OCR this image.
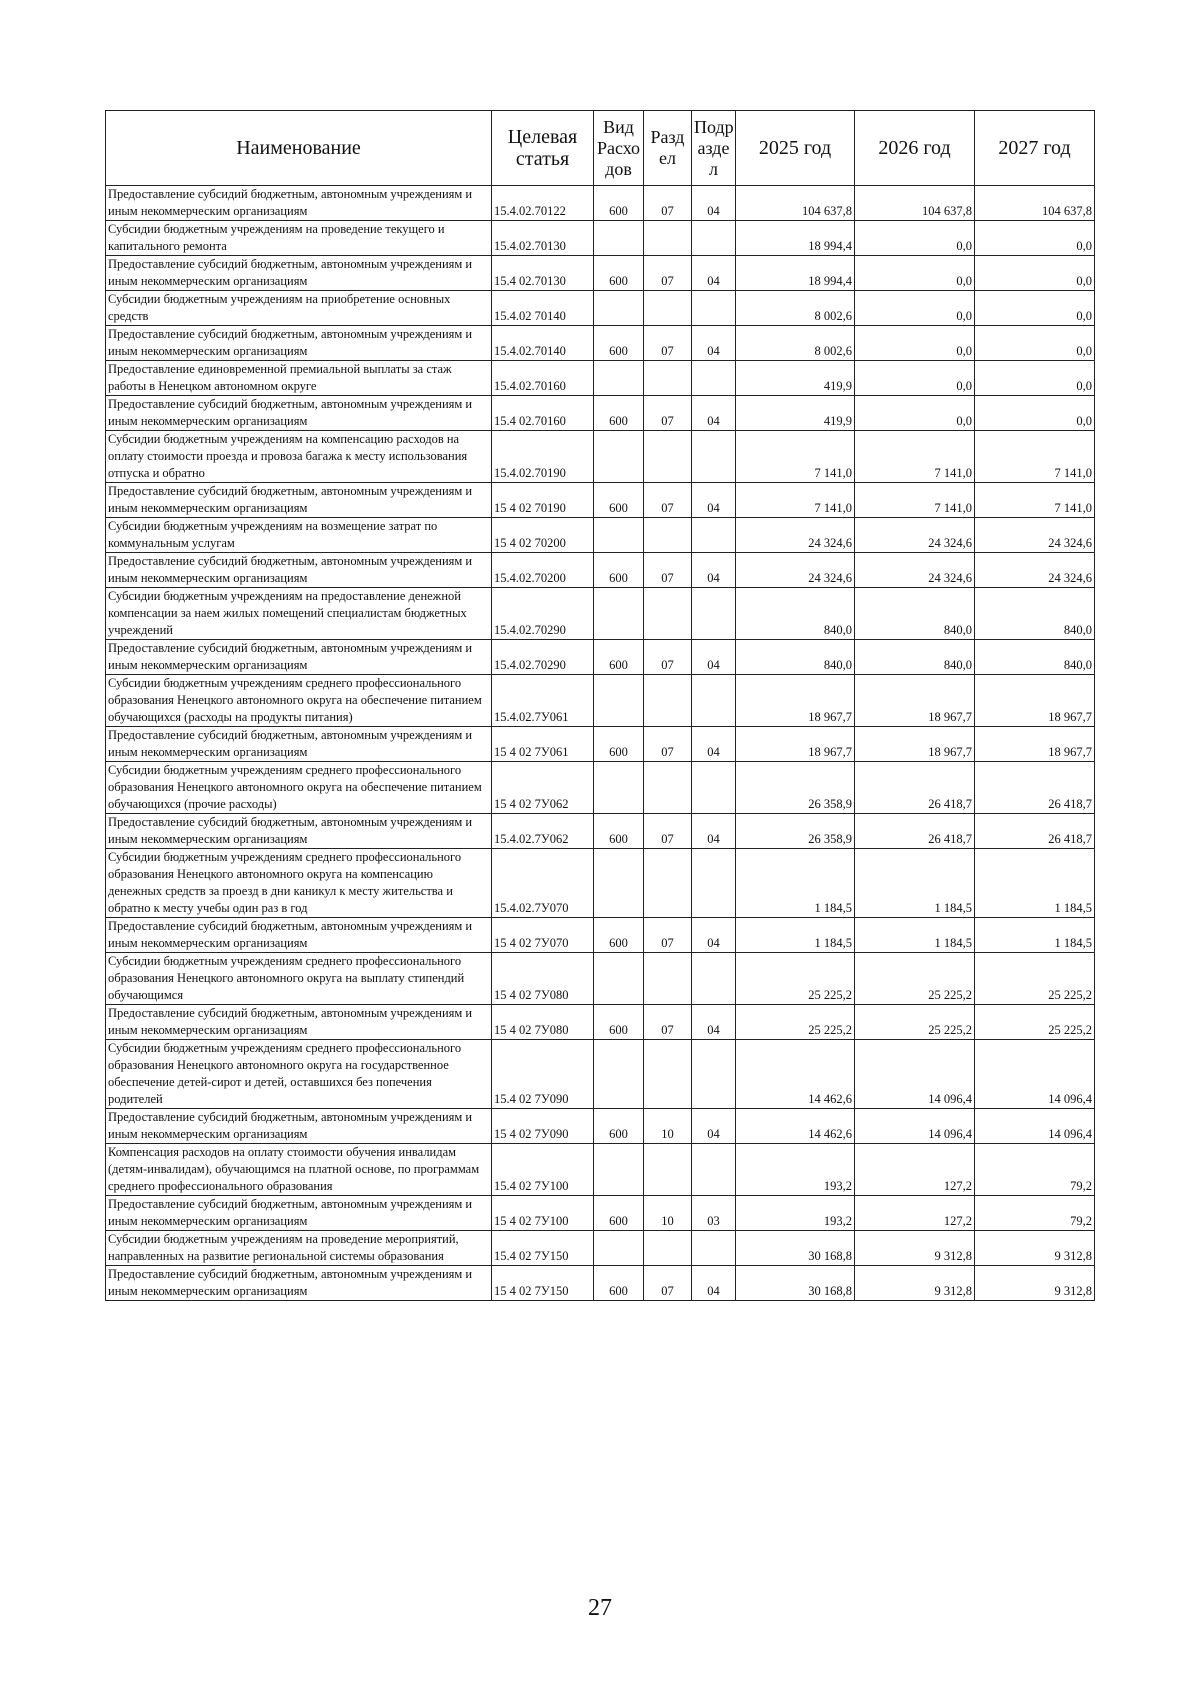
Наименование	Целевая статья	Вид Расхо дов	Разд ел	Подр азде л	2025 год	2026 год	2027 год
Предоставление субсидий бюджетным, автономным учреждениям и иным некоммерческим организациям	15.4.02.70122	600	07	04	104 637,8	104 637,8	104 637,8
Субсидии бюджетным учреждениям на проведение текущего и капитального ремонта	15.4.02.70130				18 994,4	0,0	0,0
Предоставление субсидий бюджетным, автономным учреждениям и иным некоммерческим организациям	15.4 02.70130	600	07	04	18 994,4	0,0	0,0
Субсидии бюджетным учреждениям на приобретение основных средств	15.4.02 70140				8 002,6	0,0	0,0
Предоставление субсидий бюджетным, автономным учреждениям и иным некоммерческим организациям	15.4.02.70140	600	07	04	8 002,6	0,0	0,0
Предоставление единовременной премиальной выплаты за стаж работы в Ненецком автономном округе	15.4.02.70160				419,9	0,0	0,0
Предоставление субсидий бюджетным, автономным учреждениям и иным некоммерческим организациям	15.4 02.70160	600	07	04	419,9	0,0	0,0
Субсидии бюджетным учреждениям на компенсацию расходов на оплату стоимости проезда и провоза багажа к месту использования отпуска и обратно	15.4.02.70190				7 141,0	7 141,0	7 141,0
Предоставление субсидий бюджетным, автономным учреждениям и иным некоммерческим организациям	15 4 02 70190	600	07	04	7 141,0	7 141,0	7 141,0
Субсидии бюджетным учреждениям на возмещение затрат по коммунальным услугам	15 4 02 70200				24 324,6	24 324,6	24 324,6
Предоставление субсидий бюджетным, автономным учреждениям и иным некоммерческим организациям	15.4.02.70200	600	07	04	24 324,6	24 324,6	24 324,6
Субсидии бюджетным учреждениям на предоставление денежной компенсации за наем жилых помещений специалистам бюджетных учреждений	15.4.02.70290				840,0	840,0	840,0
Предоставление субсидий бюджетным, автономным учреждениям и иным некоммерческим организациям	15.4.02.70290	600	07	04	840,0	840,0	840,0
Субсидии бюджетным учреждениям среднего профессионального образования Ненецкого автономного округа на обеспечение питанием обучающихся (расходы на продукты питания)	15.4.02.7У061				18 967,7	18 967,7	18 967,7
Предоставление субсидий бюджетным, автономным учреждениям и иным некоммерческим организациям	15 4 02 7У061	600	07	04	18 967,7	18 967,7	18 967,7
Субсидии бюджетным учреждениям среднего профессионального образования Ненецкого автономного округа на обеспечение питанием обучающихся (прочие расходы)	15 4 02 7У062				26 358,9	26 418,7	26 418,7
Предоставление субсидий бюджетным, автономным учреждениям и иным некоммерческим организациям	15.4.02.7У062	600	07	04	26 358,9	26 418,7	26 418,7
Субсидии бюджетным учреждениям среднего профессионального образования Ненецкого автономного округа на компенсацию денежных средств за проезд в дни каникул к месту жительства и обратно к месту учебы один раз в год	15.4.02.7У070				1 184,5	1 184,5	1 184,5
Предоставление субсидий бюджетным, автономным учреждениям и иным некоммерческим организациям	15 4 02 7У070	600	07	04	1 184,5	1 184,5	1 184,5
Субсидии бюджетным учреждениям среднего профессионального образования Ненецкого автономного округа на выплату стипендий обучающимся	15 4 02 7У080				25 225,2	25 225,2	25 225,2
Предоставление субсидий бюджетным, автономным учреждениям и иным некоммерческим организациям	15 4 02 7У080	600	07	04	25 225,2	25 225,2	25 225,2
Субсидии бюджетным учреждениям среднего профессионального образования Ненецкого автономного округа на государственное обеспечение детей-сирот и детей, оставшихся без попечения родителей	15.4 02 7У090				14 462,6	14 096,4	14 096,4
Предоставление субсидий бюджетным, автономным учреждениям и иным некоммерческим организациям	15 4 02 7У090	600	10	04	14 462,6	14 096,4	14 096,4
Компенсация расходов на оплату стоимости обучения инвалидам (детям-инвалидам), обучающимся на платной основе, по программам среднего профессионального образования	15.4 02 7У100				193,2	127,2	79,2
Предоставление субсидий бюджетным, автономным учреждениям и иным некоммерческим организациям	15 4 02 7У100	600	10	03	193,2	127,2	79,2
Субсидии бюджетным учреждениям на проведение мероприятий, направленных на развитие региональной системы образования	15.4 02 7У150				30 168,8	9 312,8	9 312,8
Предоставление субсидий бюджетным, автономным учреждениям и иным некоммерческим организациям	15 4 02 7У150	600	07	04	30 168,8	9 312,8	9 312,8
27
